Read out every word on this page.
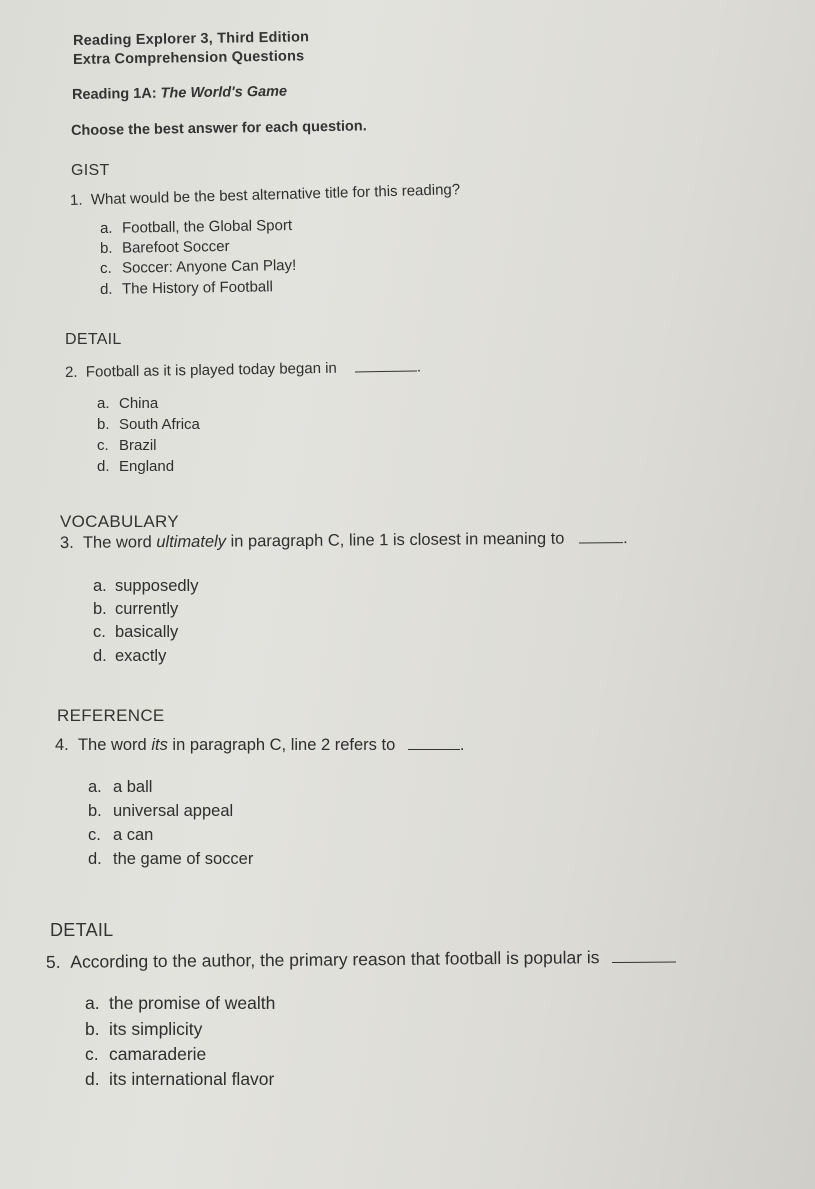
Reading Explorer 3, Third Edition
Extra Comprehension Questions
Reading 1A: The World's Game
Choose the best answer for each question.
GIST
1. What would be the best alternative title for this reading?
a. Football, the Global Sport
b. Barefoot Soccer
c. Soccer: Anyone Can Play!
d. The History of Football
DETAIL
2. Football as it is played today began in	.
a. China
b. South Africa
c. Brazil
d. England
VOCABULARY
3. The word ultimately in paragraph C, line 1 is closest in meaning to	.
a. supposedly
b. currently
c. basically
d. exactly
REFERENCE
4. The word its in paragraph C, line 2 refers to	.
a. a ball
b. universal appeal
c. a can
d. the game of soccer
DETAIL
5. According to the author, the primary reason that football is popular is
a. the promise of wealth
b. its simplicity
c. camaraderie
d. its international flavor
